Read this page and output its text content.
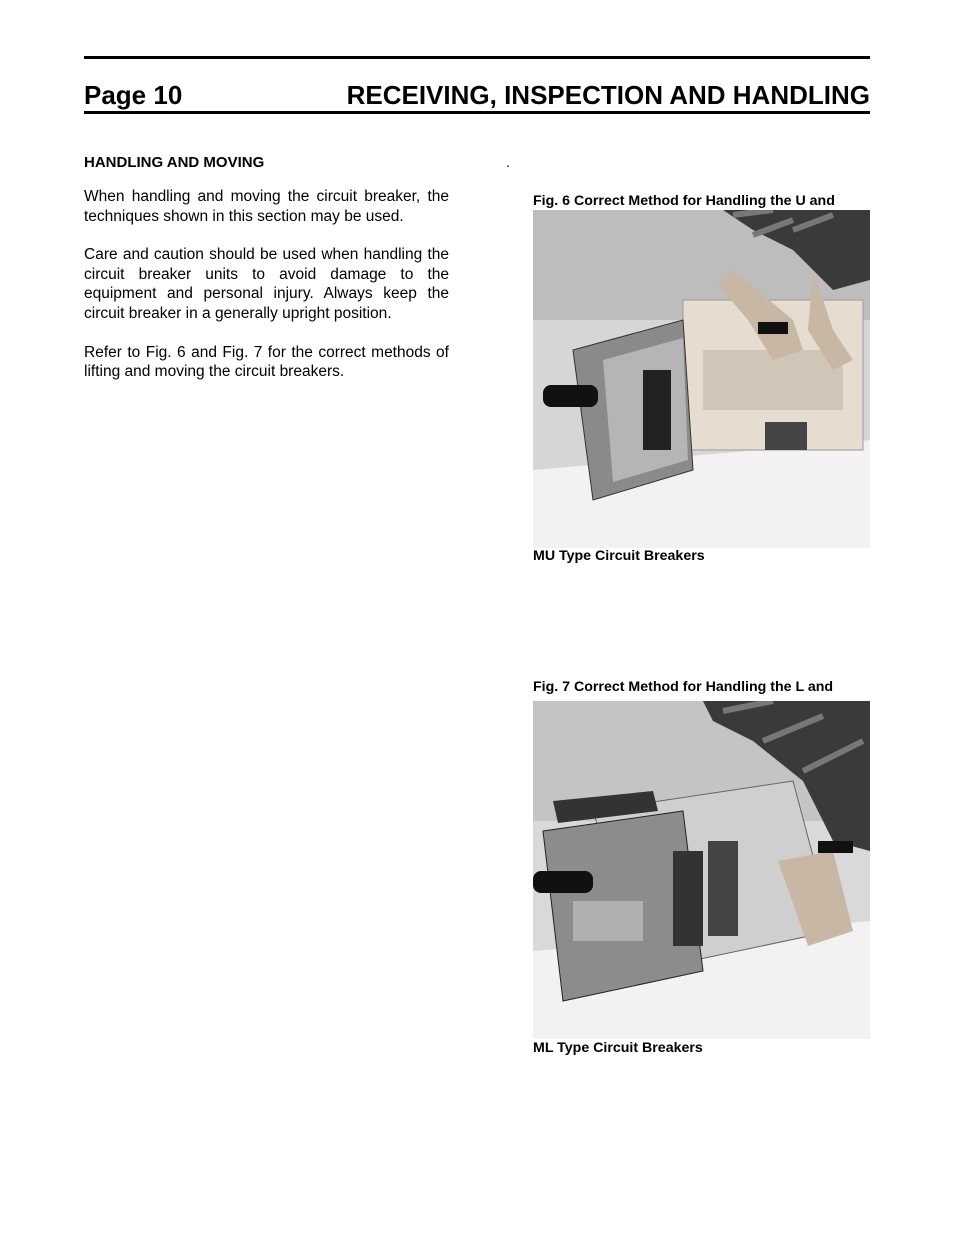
Page 10	RECEIVING, INSPECTION AND HANDLING
HANDLING AND MOVING

When handling and moving the circuit breaker, the techniques shown in this section may be used.

Care and caution should be used when handling the circuit breaker units to avoid damage to the equipment and personal injury. Always keep the circuit breaker in a generally upright position.

Refer to Fig. 6 and Fig. 7 for the correct methods of lifting and moving the circuit breakers.

.
Fig. 6 Correct Method for Handling the U and
MU Type Circuit Breakers
Fig. 7 Correct Method for Handling the L and
ML Type Circuit Breakers
